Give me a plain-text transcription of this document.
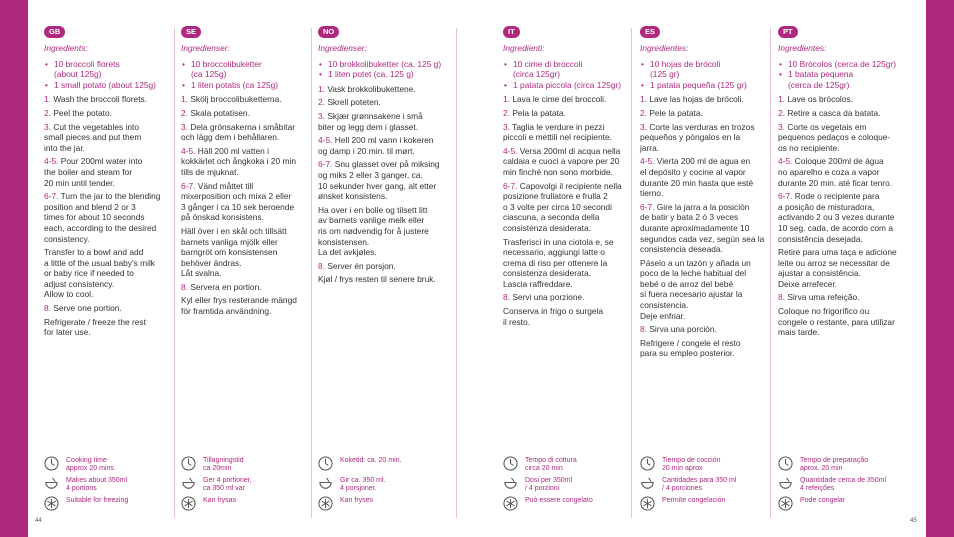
GB
Ingredients:
• 10 broccoli florets
(about 125g)
• 1 small potato (about 125g)
1. Wash the broccoli florets.
2. Peel the potato.
3. Cut the vegetables into
small pieces and put them
into the jar.
4-5. Pour 200ml water into
the boiler and steam for
20 min until tender.
6-7. Turn the jar to the blending
position and blend 2 or 3
times for about 10 seconds
each, according to the desired
consistency.
Transfer to a bowl and add
a little of the usual baby's milk
or baby rice if needed to
adjust consistency.
Allow to cool.
8. Serve one portion.
Refrigerate / freeze the rest
for later use.
SE
Ingredienser:
• 10 broccolibuketter
(ca 125g)
• 1 liten potatis (ca 125g)
1. Skölj broccolibuketterna.
2. Skala potatisen.
3. Dela grönsakerna i småbitar
och lägg dem i behållaren.
4-5. Häll 200 ml vatten i
kokkärlet och ångkoka i 20 min
tills de mjuknat.
6-7. Vänd måttet till
mixerposition och mixa 2 eller
3 gånger i ca 10 sek beroende
på önskad konsistens.
Häll över i en skål och tillsätt
barnets vanliga mjölk eller
barngröt om konsistensen
behöver ändras.
Låt svalna.
8. Servera en portion.
Kyl eller frys resterande mängd
för framtida användning.
NO
Ingredienser:
• 10 brokkolibuketter (ca. 125 g)
• 1 liten potet (ca. 125 g)
1. Vask brokkolibukettene.
2. Skrell poteten.
3. Skjær grønnsakene i små
biter og legg dem i glasset.
4-5. Hell 200 ml vann i kokeren
og damp i 20 min. til mørt.
6-7. Snu glasset over på miksing
og miks 2 eller 3 ganger, ca.
10 sekunder hver gang, alt etter
ønsket konsistens.
Ha over i en bolle og tilsett litt
av barnets vanlige melk eller
ris om nødvendig for å justere
konsistensen.
La det avkjøles.
8. Server én porsjon.
Kjøl / frys resten til senere bruk.
IT
Ingredienti:
• 10 cime di broccoli
(circa 125gr)
• 1 patata piccola (circa 125gr)
1. Lava le cime dei broccoli.
2. Pela la patata.
3. Taglia le verdure in pezzi
piccoli e mettili nel recipiente.
4-5. Versa 200ml di acqua nella
caldaia e cuoci a vapore per 20
min finché non sono morbide.
6-7. Capovolgi il recipiente nella
posizione frullatore e frulla 2
o 3 volte per circa 10 secondi
ciascuna, a seconda della
consistenza desiderata.
Trasferisci in una ciotola e, se
necessario, aggiungi latte o
crema di riso per ottenere la
consistenza desiderata.
Lascia raffreddare.
8. Servi una porzione.
Conserva in frigo o surgela
il resto.
ES
Ingredientes:
• 10 hojas de brócoli
(125 gr)
• 1 patata pequeña (125 gr)
1. Lave las hojas de brócoli.
2. Pele la patata.
3. Corte las verduras en trozos
pequeños y póngalos en la
jarra.
4-5. Vierta 200 ml de agua en
el depósito y cocine al vapor
durante 20 min hasta que esté
tierno.
6-7. Gire la jarra a la posición
de batir y bata 2 ó 3 veces
durante aproximadamente 10
segundos cada vez, según sea la
consistencia deseada.
Páselo a un tazón y añada un
poco de la leche habitual del
bebé o de arroz del bebé
si fuera necesario ajustar la
consistencia.
Deje enfriar.
8. Sirva una porción.
Refrigere / congele el resto
para su empleo posterior.
PT
Ingredientes:
• 10 Brócolos (cerca de 125gr)
• 1 batata pequena
(cerca de 125gr)
1. Lave os brócolos.
2. Retire a casca da batata.
3. Corte os vegetais em
pequenos pedaços e coloque-
os no recipiente.
4-5. Coloque 200ml de água
no aparelho e coza a vapor
durante 20 min. até ficar tenro.
6-7. Rode o recipiente para
a posição de misturadora,
activando 2 ou 3 vezes durante
10 seg. cada, de acordo com a
consistência desejada.
Retire para uma taça e adicione
leite ou arroz se necessitar de
ajustar a consistência.
Deixe arrefecer.
8. Sirva uma refeição.
Coloque no frigorífico ou
congele o restante, para utilizar
mais tarde.
Cooking time
approx 20 mins
Makes about 350ml
4 portions
Suitable for freezing
Tillagningstid
ca 20min
Ger 4 portioner,
ca 350 ml var
Kan frysas
Koketid: ca. 20 min.
Gir ca. 350 ml.
4 porsjoner.
Kan fryses
Tempo di cottura
circa 20 min
Dosi per 350ml
/ 4 porzioni
Può essere congelato
Tiempo de cocción
20 min aprox
Cantidades para 350 ml
/ 4 porciones
Permite congelación
Tempo de preparação
aprox. 20 min
Quantidade cerca de 350ml
4 refeições
Pode congelar
44	45
